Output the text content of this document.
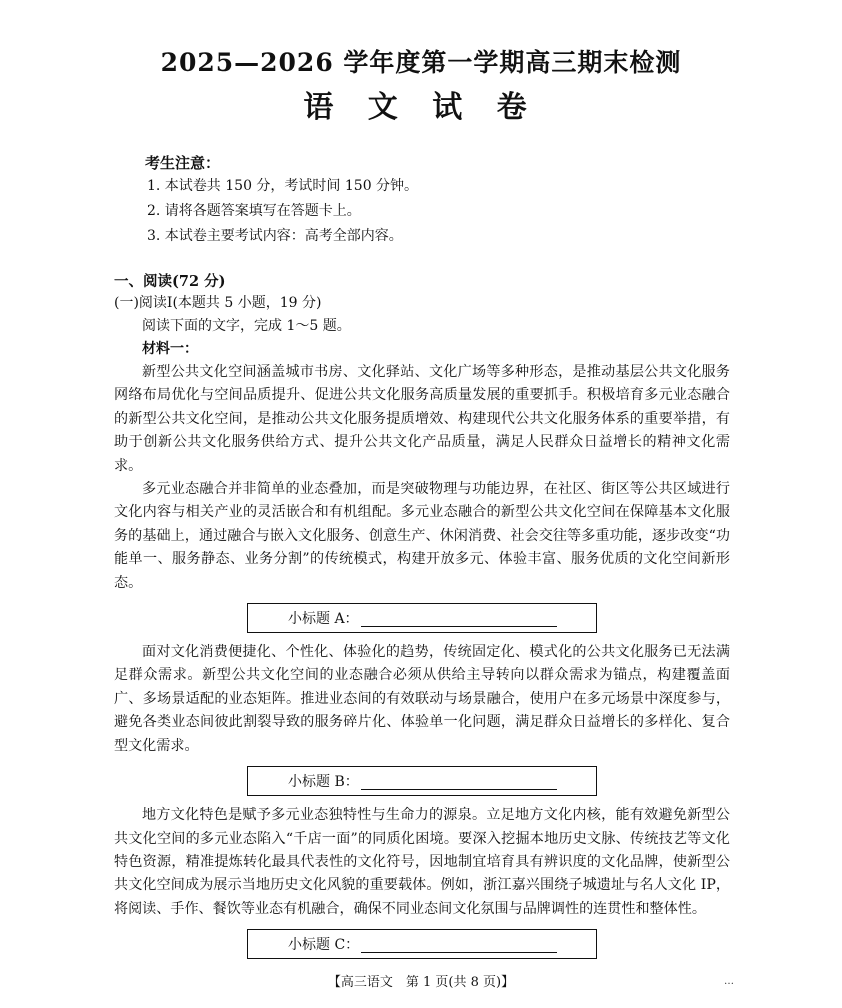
2025—2026 学年度第一学期高三期末检测
语 文 试 卷
考生注意：
1. 本试卷共 150 分，考试时间 150 分钟。
2. 请将各题答案填写在答题卡上。
3. 本试卷主要考试内容：高考全部内容。
一、阅读(72 分)
(一)阅读Ⅰ(本题共 5 小题，19 分)
阅读下面的文字，完成 1～5 题。
材料一：

新型公共文化空间涵盖城市书房、文化驿站、文化广场等多种形态，是推动基层公共文化服务网络布局优化与空间品质提升、促进公共文化服务高质量发展的重要抓手。积极培育多元业态融合的新型公共文化空间，是推动公共文化服务提质增效、构建现代公共文化服务体系的重要举措，有助于创新公共文化服务供给方式、提升公共文化产品质量，满足人民群众日益增长的精神文化需求。

多元业态融合并非简单的业态叠加，而是突破物理与功能边界，在社区、街区等公共区域进行文化内容与相关产业的灵活嵌合和有机组配。多元业态融合的新型公共文化空间在保障基本文化服务的基础上，通过融合与嵌入文化服务、创意生产、休闲消费、社会交往等多重功能，逐步改变“功能单一、服务静态、业务分割”的传统模式，构建开放多元、体验丰富、服务优质的文化空间新形态。

小标题 A：

面对文化消费便捷化、个性化、体验化的趋势，传统固定化、模式化的公共文化服务已无法满足群众需求。新型公共文化空间的业态融合必须从供给主导转向以群众需求为锚点，构建覆盖面广、多场景适配的业态矩阵。推进业态间的有效联动与场景融合，使用户在多元场景中深度参与，避免各类业态间彼此割裂导致的服务碎片化、体验单一化问题，满足群众日益增长的多样化、复合型文化需求。

小标题 B：

地方文化特色是赋予多元业态独特性与生命力的源泉。立足地方文化内核，能有效避免新型公共文化空间的多元业态陷入“千店一面”的同质化困境。要深入挖掘本地历史文脉、传统技艺等文化特色资源，精准提炼转化最具代表性的文化符号，因地制宜培育具有辨识度的文化品牌，使新型公共文化空间成为展示当地历史文化风貌的重要载体。例如，浙江嘉兴围绕子城遗址与名人文化 IP，将阅读、手作、餐饮等业态有机融合，确保不同业态间文化氛围与品牌调性的连贯性和整体性。

小标题 C：
【高三语文　第 1 页(共 8 页)】	…
